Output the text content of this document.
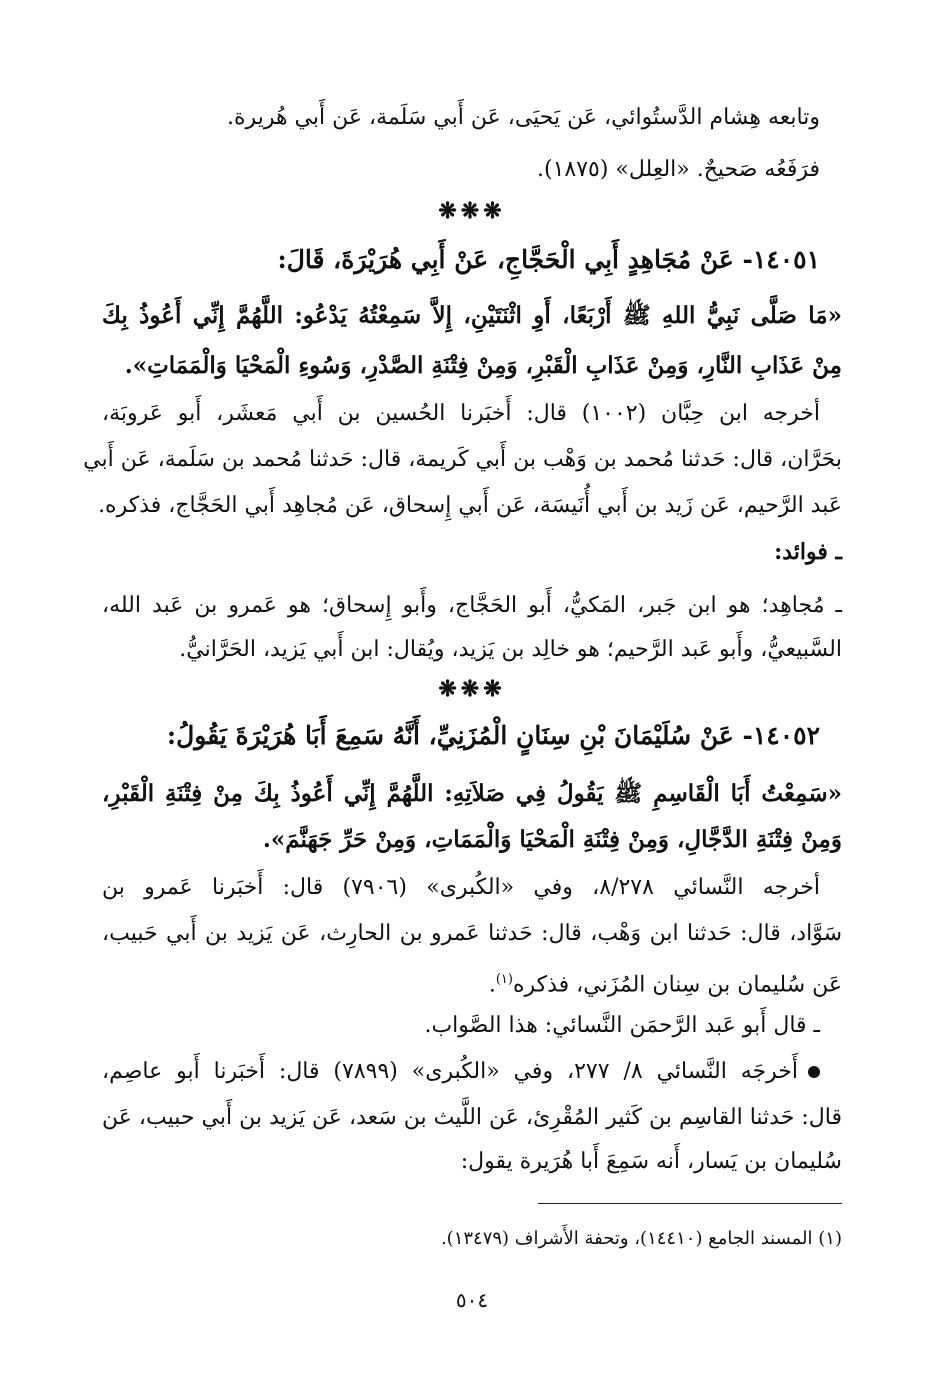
وتابعه هِشام الدَّستُوائي، عَن يَحيَى، عَن أَبي سَلَمة، عَن أَبي هُريرة.
فرَفَعُه صَحيحٌ. «العِلل» (١٨٧٥).
❋❋❋
١٤٠٥١- عَنْ مُجَاهِدٍ أَبِي الْحَجَّاجِ، عَنْ أَبِي هُرَيْرَةَ، قَالَ:
«مَا صَلَّى نَبِيُّ اللهِ ﷺ أَرْبَعًا، أَوِ اثْنَتَيْنِ، إِلاَّ سَمِعْتُهُ يَدْعُو: اللَّهُمَّ إِنِّي أَعُوذُ بِكَ
مِنْ عَذَابِ النَّارِ، وَمِنْ عَذَابِ الْقَبْرِ، وَمِنْ فِتْنَةِ الصَّدْرِ، وَسُوءِ الْمَحْيَا وَالْمَمَاتِ».
أخرجه ابن حِبَّان (١٠٠٢) قال: أَخبَرنا الحُسين بن أَبي مَعشَر، أَبو عَروبَة،
بحَرَّان، قال: حَدثنا مُحمد بن وَهْب بن أَبي كَريمة، قال: حَدثنا مُحمد بن سَلَمة، عَن أَبي
عَبد الرَّحيم، عَن زَيد بن أَبي أُنَيسَة، عَن أَبي إِسحاق، عَن مُجاهِد أَبي الحَجَّاج، فذكره.
ـ فوائد:
ـ مُجاهِد؛ هو ابن جَبر، المَكيُّ، أَبو الحَجَّاج، وأَبو إِسحاق؛ هو عَمرو بن عَبد الله،
السَّبيعيُّ، وأَبو عَبد الرَّحيم؛ هو خالِد بن يَزيد، ويُقال: ابن أَبي يَزيد، الحَرَّانيُّ.
❋❋❋
١٤٠٥٢- عَنْ سُلَيْمَانَ بْنِ سِنَانٍ الْمُزَنِيِّ، أَنَّهُ سَمِعَ أَبَا هُرَيْرَةَ يَقُولُ:
«سَمِعْتُ أَبَا الْقَاسِمِ ﷺ يَقُولُ فِي صَلاَتِهِ: اللَّهُمَّ إِنِّي أَعُوذُ بِكَ مِنْ فِتْنَةِ الْقَبْرِ،
وَمِنْ فِتْنَةِ الدَّجَّالِ، وَمِنْ فِتْنَةِ الْمَحْيَا وَالْمَمَاتِ، وَمِنْ حَرِّ جَهَنَّمَ».
أخرجه النَّسائي ٨/٢٧٨، وفي «الكُبرى» (٧٩٠٦) قال: أَخبَرنا عَمرو بن
سَوَّاد، قال: حَدثنا ابن وَهْب، قال: حَدثنا عَمرو بن الحارِث، عَن يَزيد بن أَبي حَبيب،
عَن سُليمان بن سِنان المُزَني، فذكره$^{(١)}$.
ـ قال أَبو عَبد الرَّحمَن النَّسائي: هذا الصَّواب.
أَخرجَه النَّسائي ٨/ ٢٧٧، وفي «الكُبرى» (٧٨٩٩) قال: أَخبَرنا أَبو عاصِم،
قال: حَدثنا القاسِم بن كَثير المُقْرِئ، عَن اللَّيث بن سَعد، عَن يَزيد بن أَبي حبيب، عَن
سُليمان بن يَسار، أَنه سَمِعَ أَبا هُرَيرة يقول:
(١) المسند الجامع (١٤٤١٠)، وتحفة الأَشراف (١٣٤٧٩).
٥٠٤
